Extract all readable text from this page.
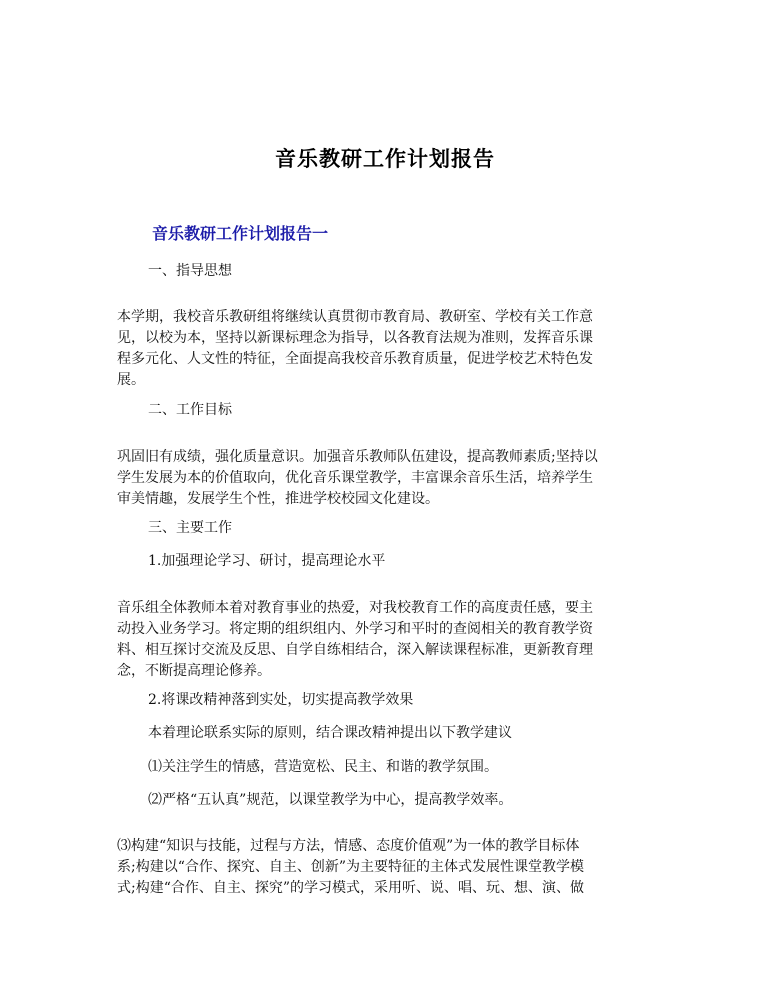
音乐教研工作计划报告
音乐教研工作计划报告一
一、指导思想
本学期，我校音乐教研组将继续认真贯彻市教育局、教研室、学校有关工作意
见，以校为本，坚持以新课标理念为指导，以各教育法规为准则，发挥音乐课
程多元化、人文性的特征，全面提高我校音乐教育质量，促进学校艺术特色发
展。
二、工作目标
巩固旧有成绩，强化质量意识。加强音乐教师队伍建设，提高教师素质;坚持以
学生发展为本的价值取向，优化音乐课堂教学，丰富课余音乐生活，培养学生
审美情趣，发展学生个性，推进学校校园文化建设。
三、主要工作
1.加强理论学习、研讨，提高理论水平
音乐组全体教师本着对教育事业的热爱，对我校教育工作的高度责任感，要主
动投入业务学习。将定期的组织组内、外学习和平时的查阅相关的教育教学资
料、相互探讨交流及反思、自学自练相结合，深入解读课程标准，更新教育理
念，不断提高理论修养。
2.将课改精神落到实处，切实提高教学效果
本着理论联系实际的原则，结合课改精神提出以下教学建议
⑴关注学生的情感，营造宽松、民主、和谐的教学氛围。
⑵严格“五认真”规范，以课堂教学为中心，提高教学效率。
⑶构建“知识与技能，过程与方法，情感、态度价值观”为一体的教学目标体
系;构建以“合作、探究、自主、创新”为主要特征的主体式发展性课堂教学模
式;构建“合作、自主、探究”的学习模式，采用听、说、唱、玩、想、演、做
